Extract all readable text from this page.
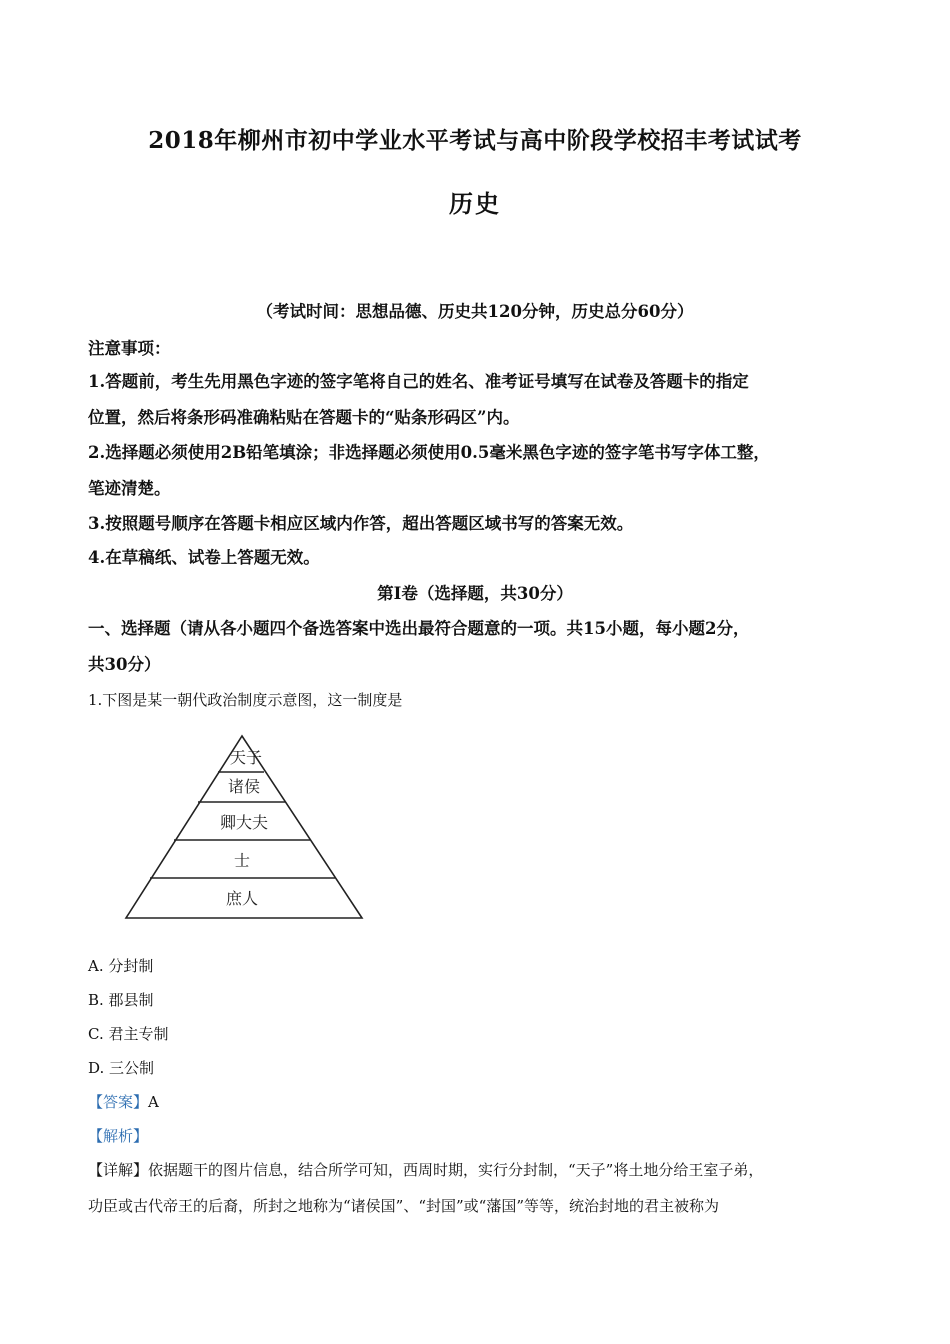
2018年柳州市初中学业水平考试与高中阶段学校招丰考试试考
历史
（考试时间：思想品德、历史共120分钟，历史总分60分）
注意事项：
1.答题前，考生先用黑色字迹的签字笔将自己的姓名、准考证号填写在试卷及答题卡的指定
位置，然后将条形码准确粘贴在答题卡的“贴条形码区”内。
2.选择题必须使用2B铅笔填涂；非选择题必须使用0.5毫米黑色字迹的签字笔书写字体工整，
笔迹清楚。
3.按照题号顺序在答题卡相应区域内作答，超出答题区域书写的答案无效。
4.在草稿纸、试卷上答题无效。
第Ⅰ卷（选择题，共30分）
一、选择题（请从各小题四个备选答案中选出最符合题意的一项。共15小题，每小题2分，
共30分）
1.下图是某一朝代政治制度示意图，这一制度是
天子
诸侯
卿大夫
士
庶人
A. 分封制
B. 郡县制
C. 君主专制
D. 三公制
【答案】A
【解析】
【详解】依据题干的图片信息，结合所学可知，西周时期，实行分封制，“天子”将土地分给王室子弟，
功臣或古代帝王的后裔，所封之地称为“诸侯国”、“封国”或“藩国”等等，统治封地的君主被称为
